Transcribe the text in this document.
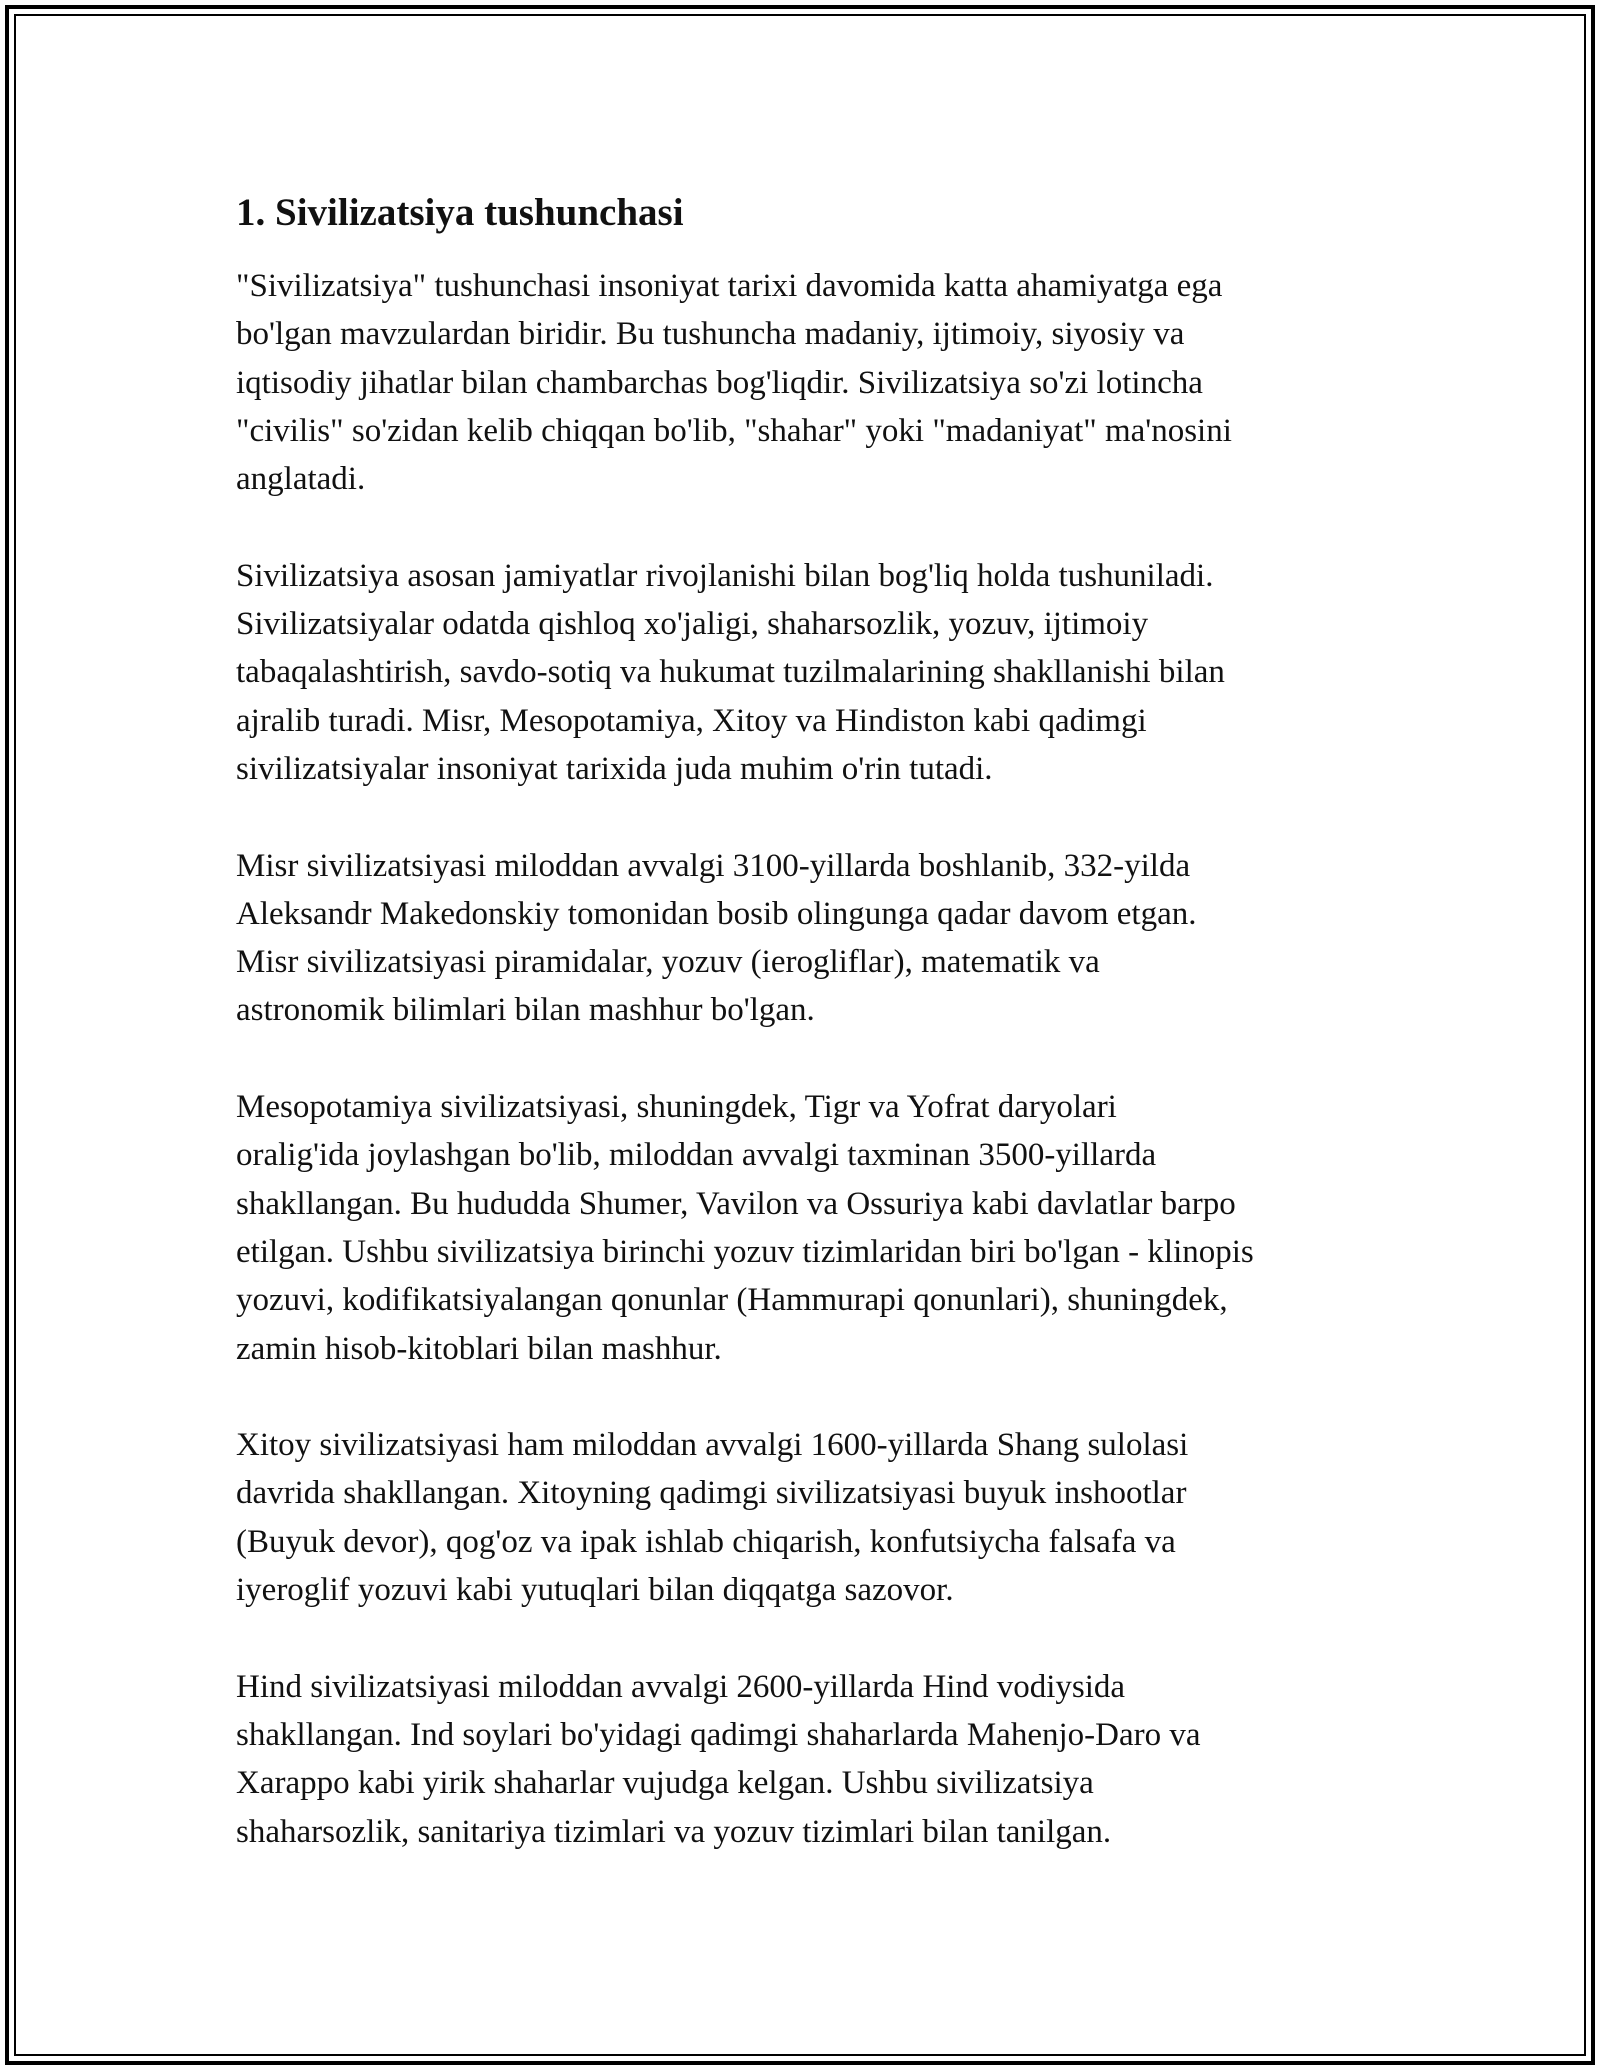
1. Sivilizatsiya tushunchasi

"Sivilizatsiya" tushunchasi insoniyat tarixi davomida katta ahamiyatga ega
bo'lgan mavzulardan biridir. Bu tushuncha madaniy, ijtimoiy, siyosiy va
iqtisodiy jihatlar bilan chambarchas bog'liqdir. Sivilizatsiya so'zi lotincha
"civilis" so'zidan kelib chiqqan bo'lib, "shahar" yoki "madaniyat" ma'nosini
anglatadi.

Sivilizatsiya asosan jamiyatlar rivojlanishi bilan bog'liq holda tushuniladi.
Sivilizatsiyalar odatda qishloq xo'jaligi, shaharsozlik, yozuv, ijtimoiy
tabaqalashtirish, savdo-sotiq va hukumat tuzilmalarining shakllanishi bilan
ajralib turadi. Misr, Mesopotamiya, Xitoy va Hindiston kabi qadimgi
sivilizatsiyalar insoniyat tarixida juda muhim o'rin tutadi.

Misr sivilizatsiyasi miloddan avvalgi 3100-yillarda boshlanib, 332-yilda
Aleksandr Makedonskiy tomonidan bosib olingunga qadar davom etgan.
Misr sivilizatsiyasi piramidalar, yozuv (ierogliflar), matematik va
astronomik bilimlari bilan mashhur bo'lgan.

Mesopotamiya sivilizatsiyasi, shuningdek, Tigr va Yofrat daryolari
oralig'ida joylashgan bo'lib, miloddan avvalgi taxminan 3500-yillarda
shakllangan. Bu hududda Shumer, Vavilon va Ossuriya kabi davlatlar barpo
etilgan. Ushbu sivilizatsiya birinchi yozuv tizimlaridan biri bo'lgan - klinopis
yozuvi, kodifikatsiyalangan qonunlar (Hammurapi qonunlari), shuningdek,
zamin hisob-kitoblari bilan mashhur.

Xitoy sivilizatsiyasi ham miloddan avvalgi 1600-yillarda Shang sulolasi
davrida shakllangan. Xitoyning qadimgi sivilizatsiyasi buyuk inshootlar
(Buyuk devor), qog'oz va ipak ishlab chiqarish, konfutsiycha falsafa va
iyeroglif yozuvi kabi yutuqlari bilan diqqatga sazovor.

Hind sivilizatsiyasi miloddan avvalgi 2600-yillarda Hind vodiysida
shakllangan. Ind soylari bo'yidagi qadimgi shaharlarda Mahenjo-Daro va
Xarappo kabi yirik shaharlar vujudga kelgan. Ushbu sivilizatsiya
shaharsozlik, sanitariya tizimlari va yozuv tizimlari bilan tanilgan.
